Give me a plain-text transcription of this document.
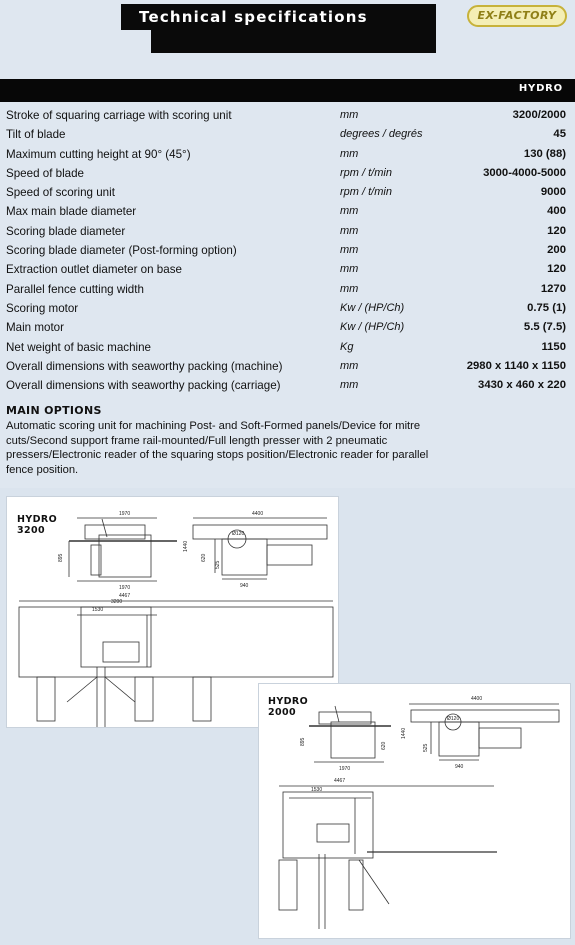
Technical specifications	EX-FACTORY
HYDRO
Stroke of squaring carriage with scoring unit	mm	3200/2000
Tilt of blade	degrees / degrés	45
Maximum cutting height at 90° (45°)	mm	130 (88)
Speed of blade	rpm / t/min	3000-4000-5000
Speed of scoring unit	rpm / t/min	9000
Max main blade diameter	mm	400
Scoring blade diameter	mm	120
Scoring blade diameter (Post-forming option)	mm	200
Extraction outlet diameter on base	mm	120
Parallel fence cutting width	mm	1270
Scoring motor	Kw / (HP/Ch)	0.75 (1)
Main motor	Kw / (HP/Ch)	5.5 (7.5)
Net weight of basic machine	Kg	1150
Overall dimensions with seaworthy packing (machine)	mm	2980 x 1140 x 1150
Overall dimensions with seaworthy packing (carriage)	mm	3430 x 460 x 220
MAIN OPTIONS
Automatic scoring unit for machining Post- and Soft-Formed panels/Device for mitre cuts/Second support frame rail-mounted/Full length presser with 2 pneumatic pressers/Electronic reader of the squaring stops position/Electronic reader for parallel fence position.
HYDRO
3200
1970
1970
895
4400
1440
620
525
940
Ø120
4467
3200
1530
HYDRO
2000
1970
895
4400
1440
620	525
940
Ø120
4467
1530
